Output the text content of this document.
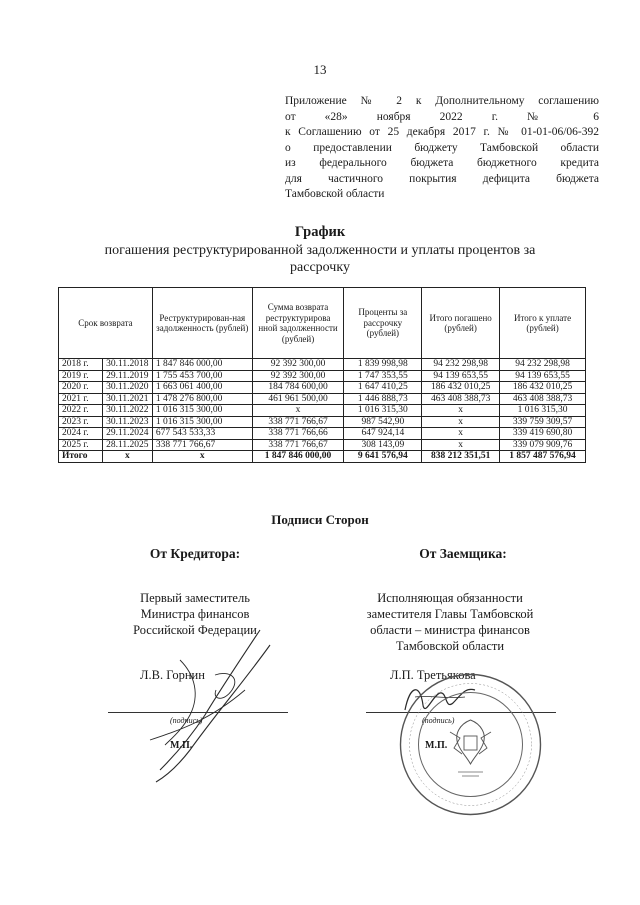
13
Приложение № 2 к Дополнительному соглашению
от «28» ноября 2022 г. № 6
к Соглашению от 25 декабря 2017 г. № 01-01-06/06-392
о предоставлении бюджету Тамбовской области
из федерального бюджета бюджетного кредита
для частичного покрытия дефицита бюджета
Тамбовской области
График
погашения реструктурированной задолженности и уплаты процентов за рассрочку
Срок возврата		Реструктурирован-ная задолженность (рублей)	Сумма возврата реструктурирова нной задолженности (рублей)	Проценты за рассрочку (рублей)	Итого погашено (рублей)	Итого к уплате (рублей)
2018 г.	30.11.2018	1 847 846 000,00	92 392 300,00	1 839 998,98	94 232 298,98	94 232 298,98
2019 г.	29.11.2019	1 755 453 700,00	92 392 300,00	1 747 353,55	94 139 653,55	94 139 653,55
2020 г.	30.11.2020	1 663 061 400,00	184 784 600,00	1 647 410,25	186 432 010,25	186 432 010,25
2021 г.	30.11.2021	1 478 276 800,00	461 961 500,00	1 446 888,73	463 408 388,73	463 408 388,73
2022 г.	30.11.2022	1 016 315 300,00	x	1 016 315,30	x	1 016 315,30
2023 г.	30.11.2023	1 016 315 300,00	338 771 766,67	987 542,90	x	339 759 309,57
2024 г.	29.11.2024	677 543 533,33	338 771 766,66	647 924,14	x	339 419 690,80
2025 г.	28.11.2025	338 771 766,67	338 771 766,67	308 143,09	x	339 079 909,76
Итого	x	x	1 847 846 000,00	9 641 576,94	838 212 351,51	1 857 487 576,94
Подписи Сторон
От Кредитора:	От Заемщика:
Первый заместитель
Министра финансов
Российской Федерации
Исполняющая обязанности
заместителя Главы Тамбовской
области – министра финансов
Тамбовской области
Л.В. Горнин	Л.П. Третьякова
(подпись)	(подпись)
М.П.	М.П.
